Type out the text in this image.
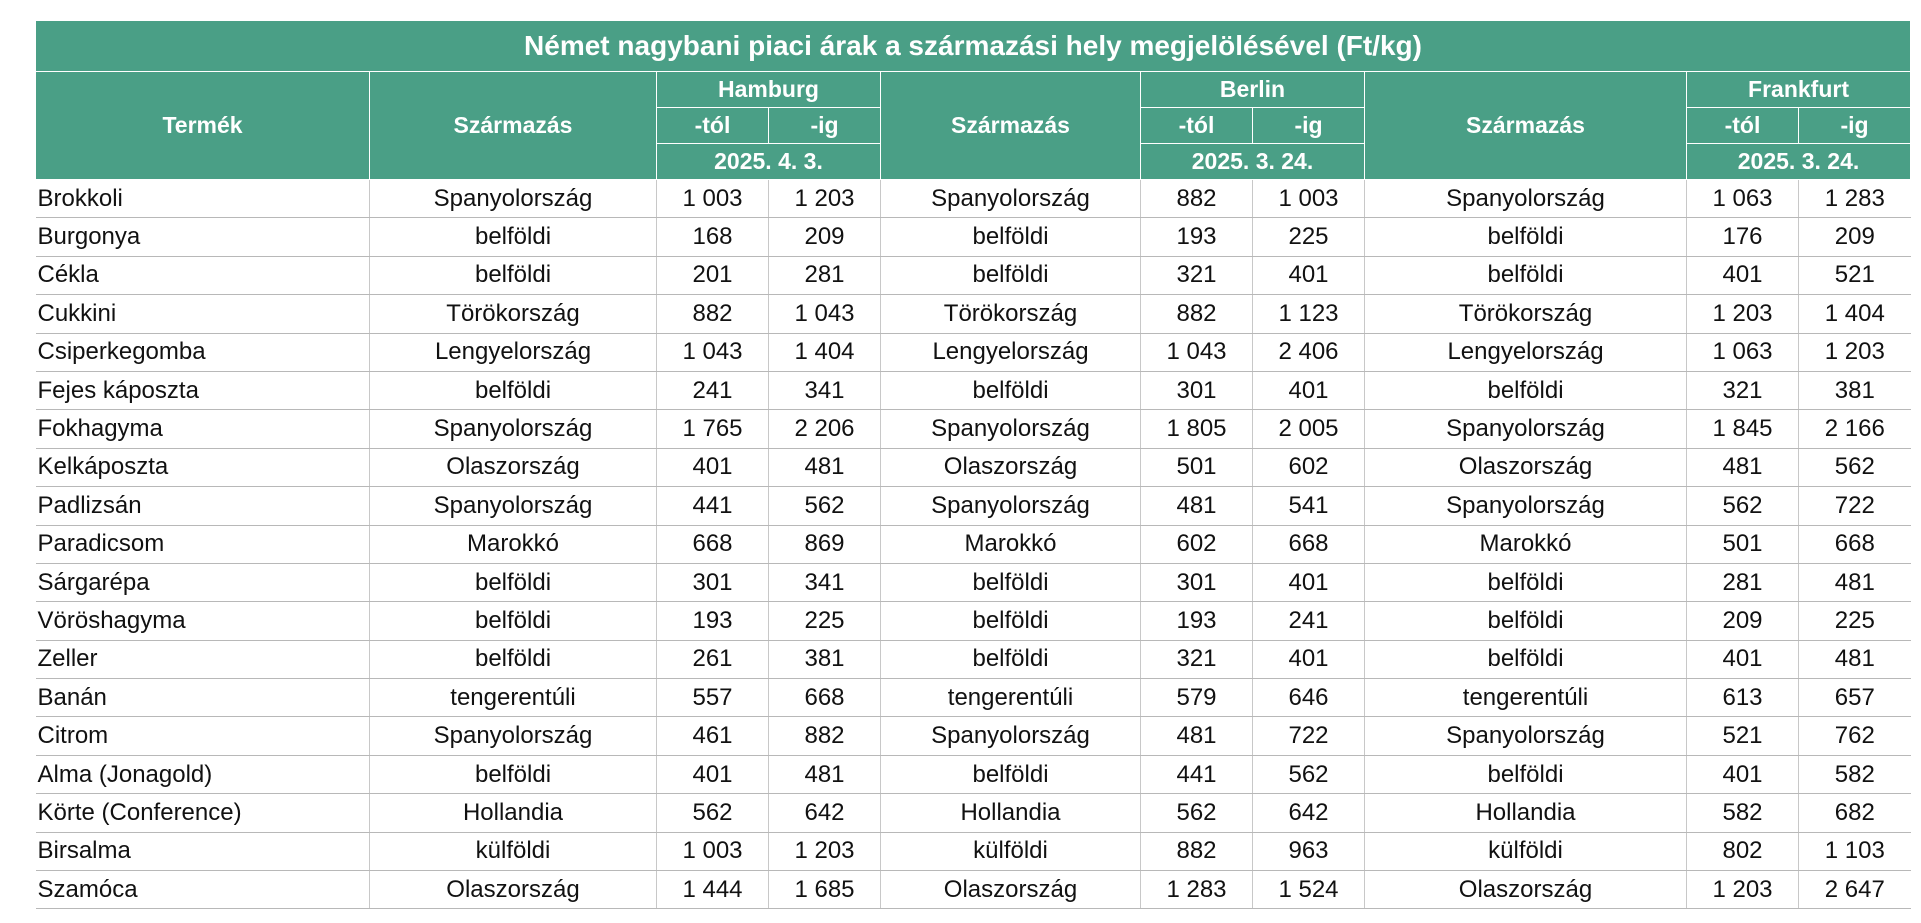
Német nagybani piaci árak a származási hely megjelölésével (Ft/kg)									
Termék	Származás	Hamburg		Származás	Berlin		Származás	Frankfurt	
		-tól	-ig		-tól	-ig		-tól	-ig
		2025. 4. 3.			2025. 3. 24.			2025. 3. 24.	
Brokkoli	Spanyolország	1 003	1 203	Spanyolország	882	1 003	Spanyolország	1 063	1 283
Burgonya	belföldi	168	209	belföldi	193	225	belföldi	176	209
Cékla	belföldi	201	281	belföldi	321	401	belföldi	401	521
Cukkini	Törökország	882	1 043	Törökország	882	1 123	Törökország	1 203	1 404
Csiperkegomba	Lengyelország	1 043	1 404	Lengyelország	1 043	2 406	Lengyelország	1 063	1 203
Fejes káposzta	belföldi	241	341	belföldi	301	401	belföldi	321	381
Fokhagyma	Spanyolország	1 765	2 206	Spanyolország	1 805	2 005	Spanyolország	1 845	2 166
Kelkáposzta	Olaszország	401	481	Olaszország	501	602	Olaszország	481	562
Padlizsán	Spanyolország	441	562	Spanyolország	481	541	Spanyolország	562	722
Paradicsom	Marokkó	668	869	Marokkó	602	668	Marokkó	501	668
Sárgarépa	belföldi	301	341	belföldi	301	401	belföldi	281	481
Vöröshagyma	belföldi	193	225	belföldi	193	241	belföldi	209	225
Zeller	belföldi	261	381	belföldi	321	401	belföldi	401	481
Banán	tengerentúli	557	668	tengerentúli	579	646	tengerentúli	613	657
Citrom	Spanyolország	461	882	Spanyolország	481	722	Spanyolország	521	762
Alma (Jonagold)	belföldi	401	481	belföldi	441	562	belföldi	401	582
Körte (Conference)	Hollandia	562	642	Hollandia	562	642	Hollandia	582	682
Birsalma	külföldi	1 003	1 203	külföldi	882	963	külföldi	802	1 103
Szamóca	Olaszország	1 444	1 685	Olaszország	1 283	1 524	Olaszország	1 203	2 647
